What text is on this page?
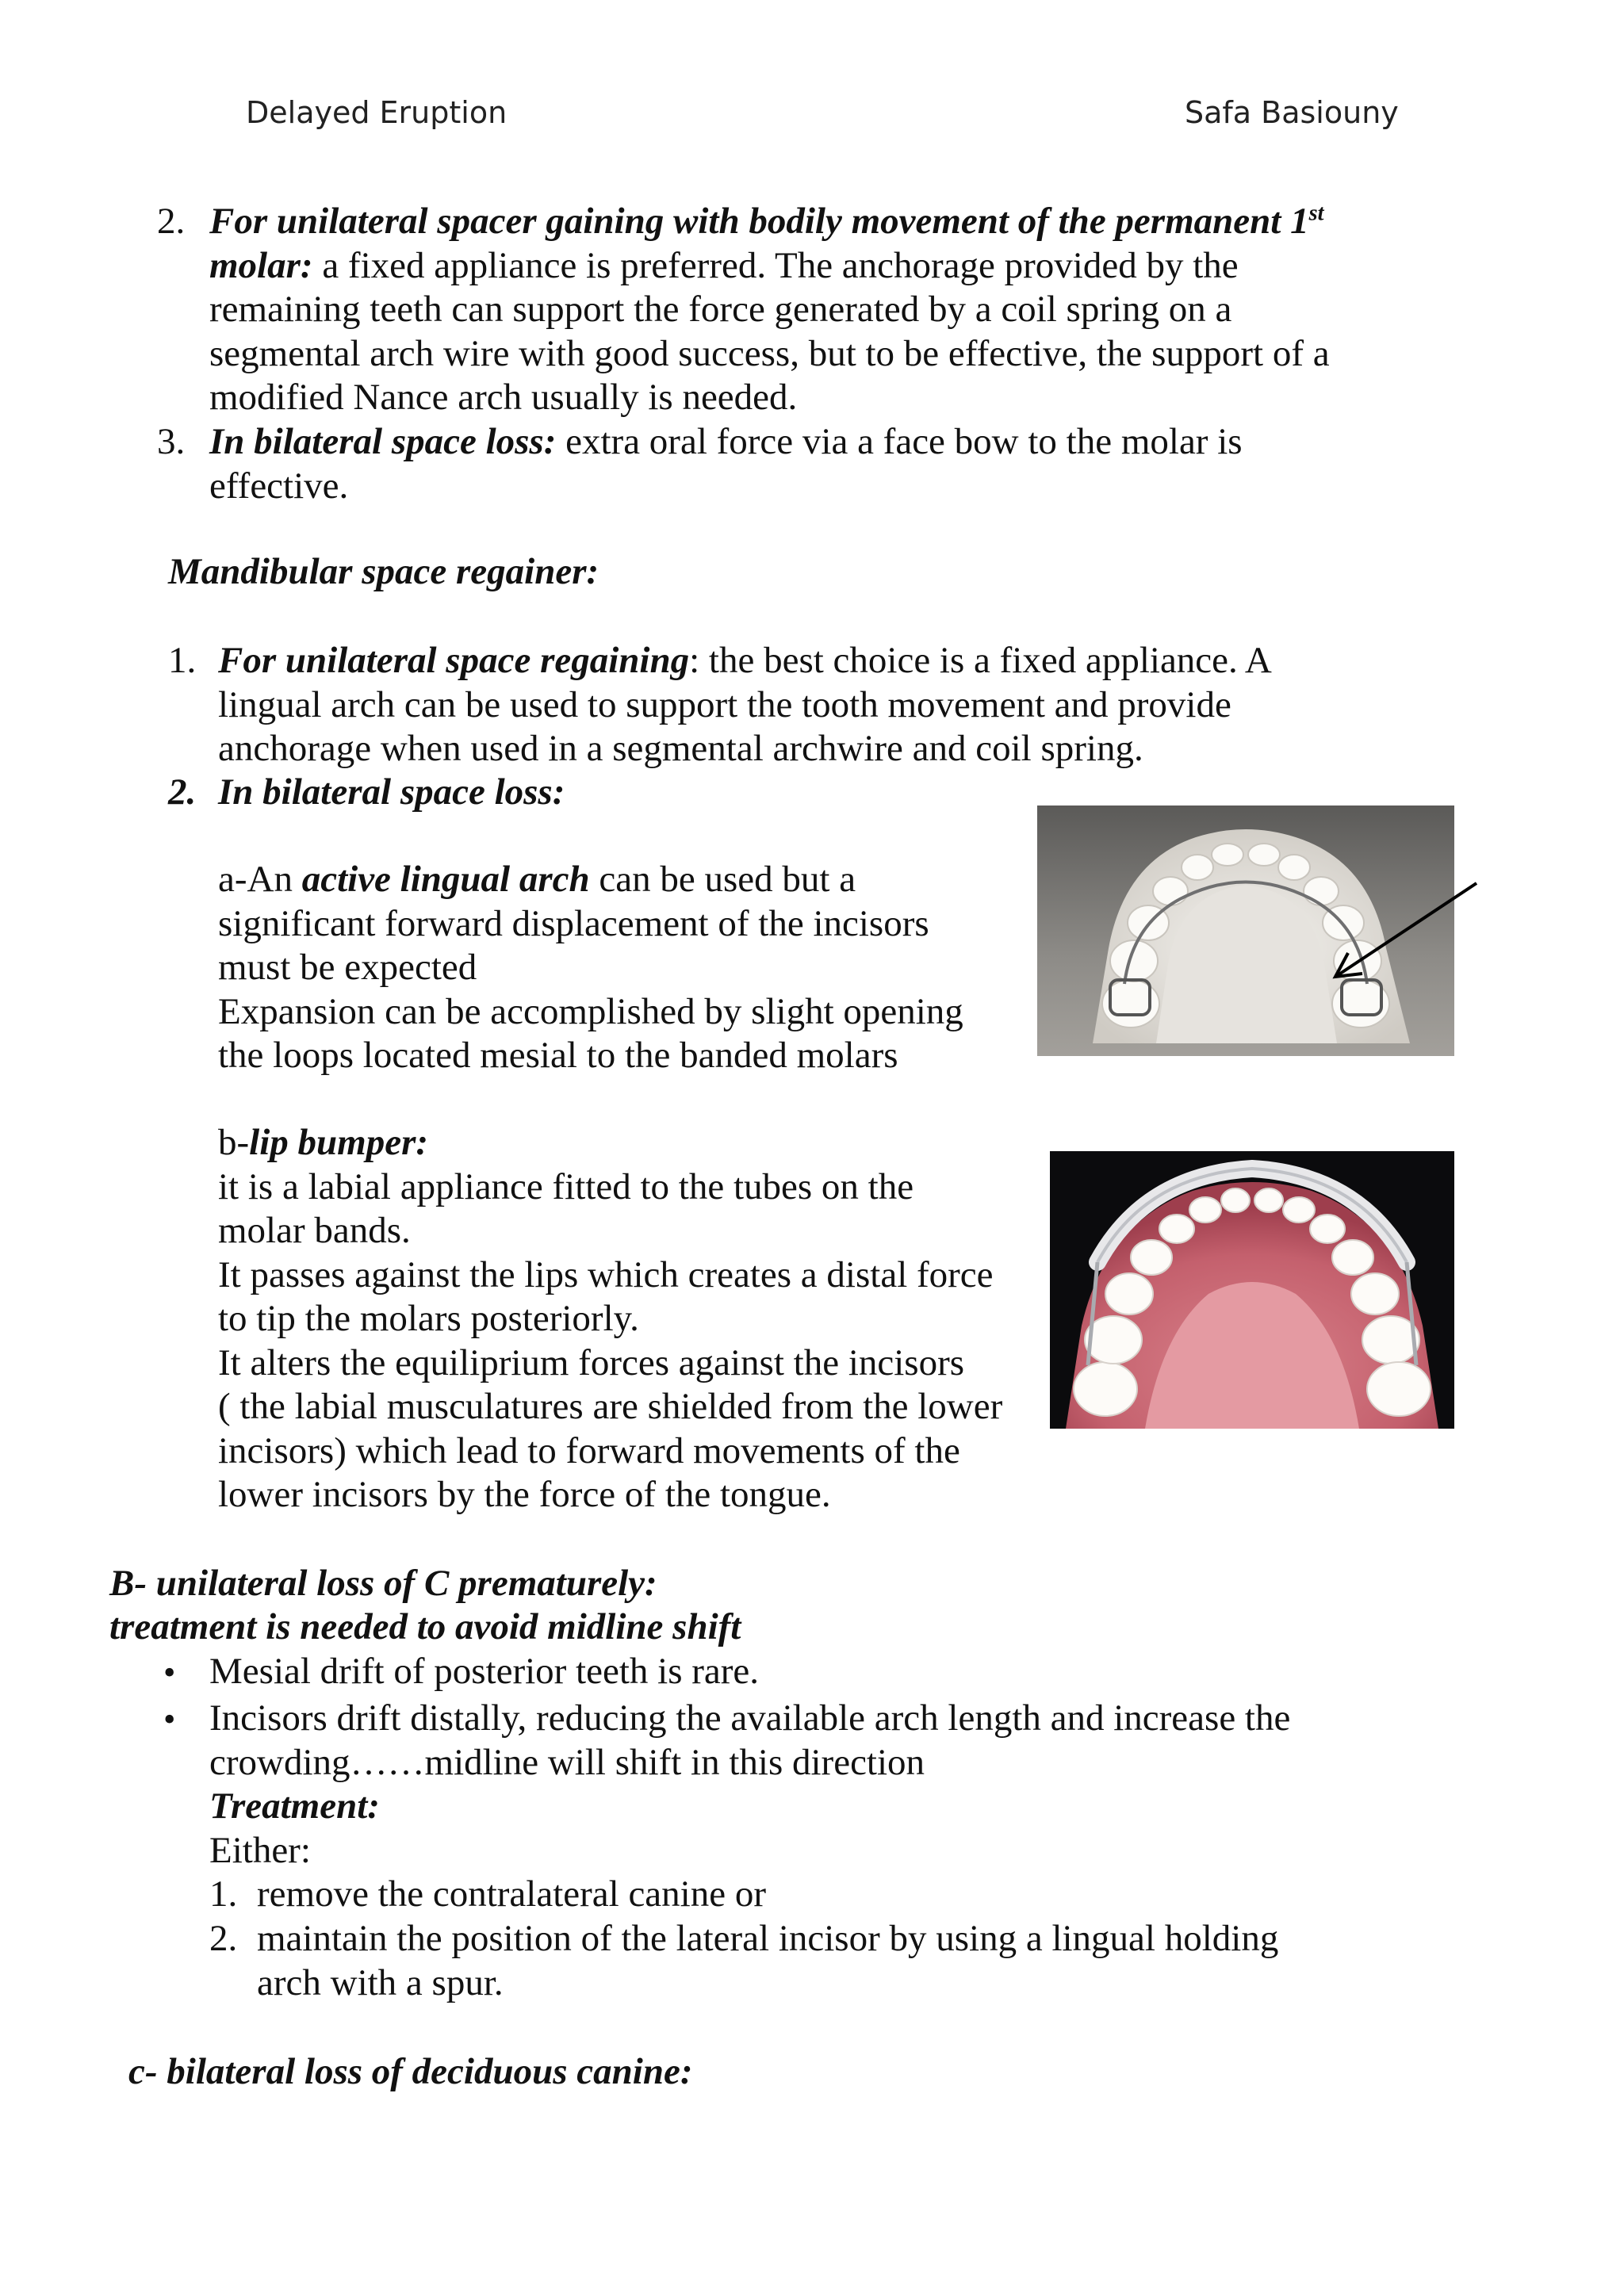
Delayed Eruption	Safa Basiouny
2. For unilateral spacer gaining with bodily movement of the permanent 1st
molar: a fixed appliance is preferred. The anchorage provided by the
remaining teeth can support the force generated by a coil spring on a
segmental arch wire with good success, but to be effective, the support of a
modified Nance arch usually is needed.
3. In bilateral space loss: extra oral force via a face bow to the molar is
effective.
Mandibular space regainer:
1. For unilateral space regaining: the best choice is a fixed appliance. A
lingual arch can be used to support the tooth movement and provide
anchorage when used in a segmental archwire and coil spring.
2. In bilateral space loss:
a-An active lingual arch can be used but a
significant forward displacement of the incisors
must be expected
Expansion can be accomplished by slight opening
the loops located mesial to the banded molars
b-lip bumper:
it is a labial appliance fitted to the tubes on the
molar bands.
It passes against the lips which creates a distal force
to tip the molars posteriorly.
It alters the equiliprium forces against the incisors
( the labial musculatures are shielded from the lower
incisors) which lead to forward movements of the
lower incisors by the force of the tongue.
B- unilateral loss of C prematurely:
treatment is needed to avoid midline shift
• Mesial drift of posterior teeth is rare.
• Incisors drift distally, reducing the available arch length and increase the
crowding……midline will shift in this direction
Treatment:
Either:
1. remove the contralateral canine or
2. maintain the position of the lateral incisor by using a lingual holding
arch with a spur.
c- bilateral loss of deciduous canine:
